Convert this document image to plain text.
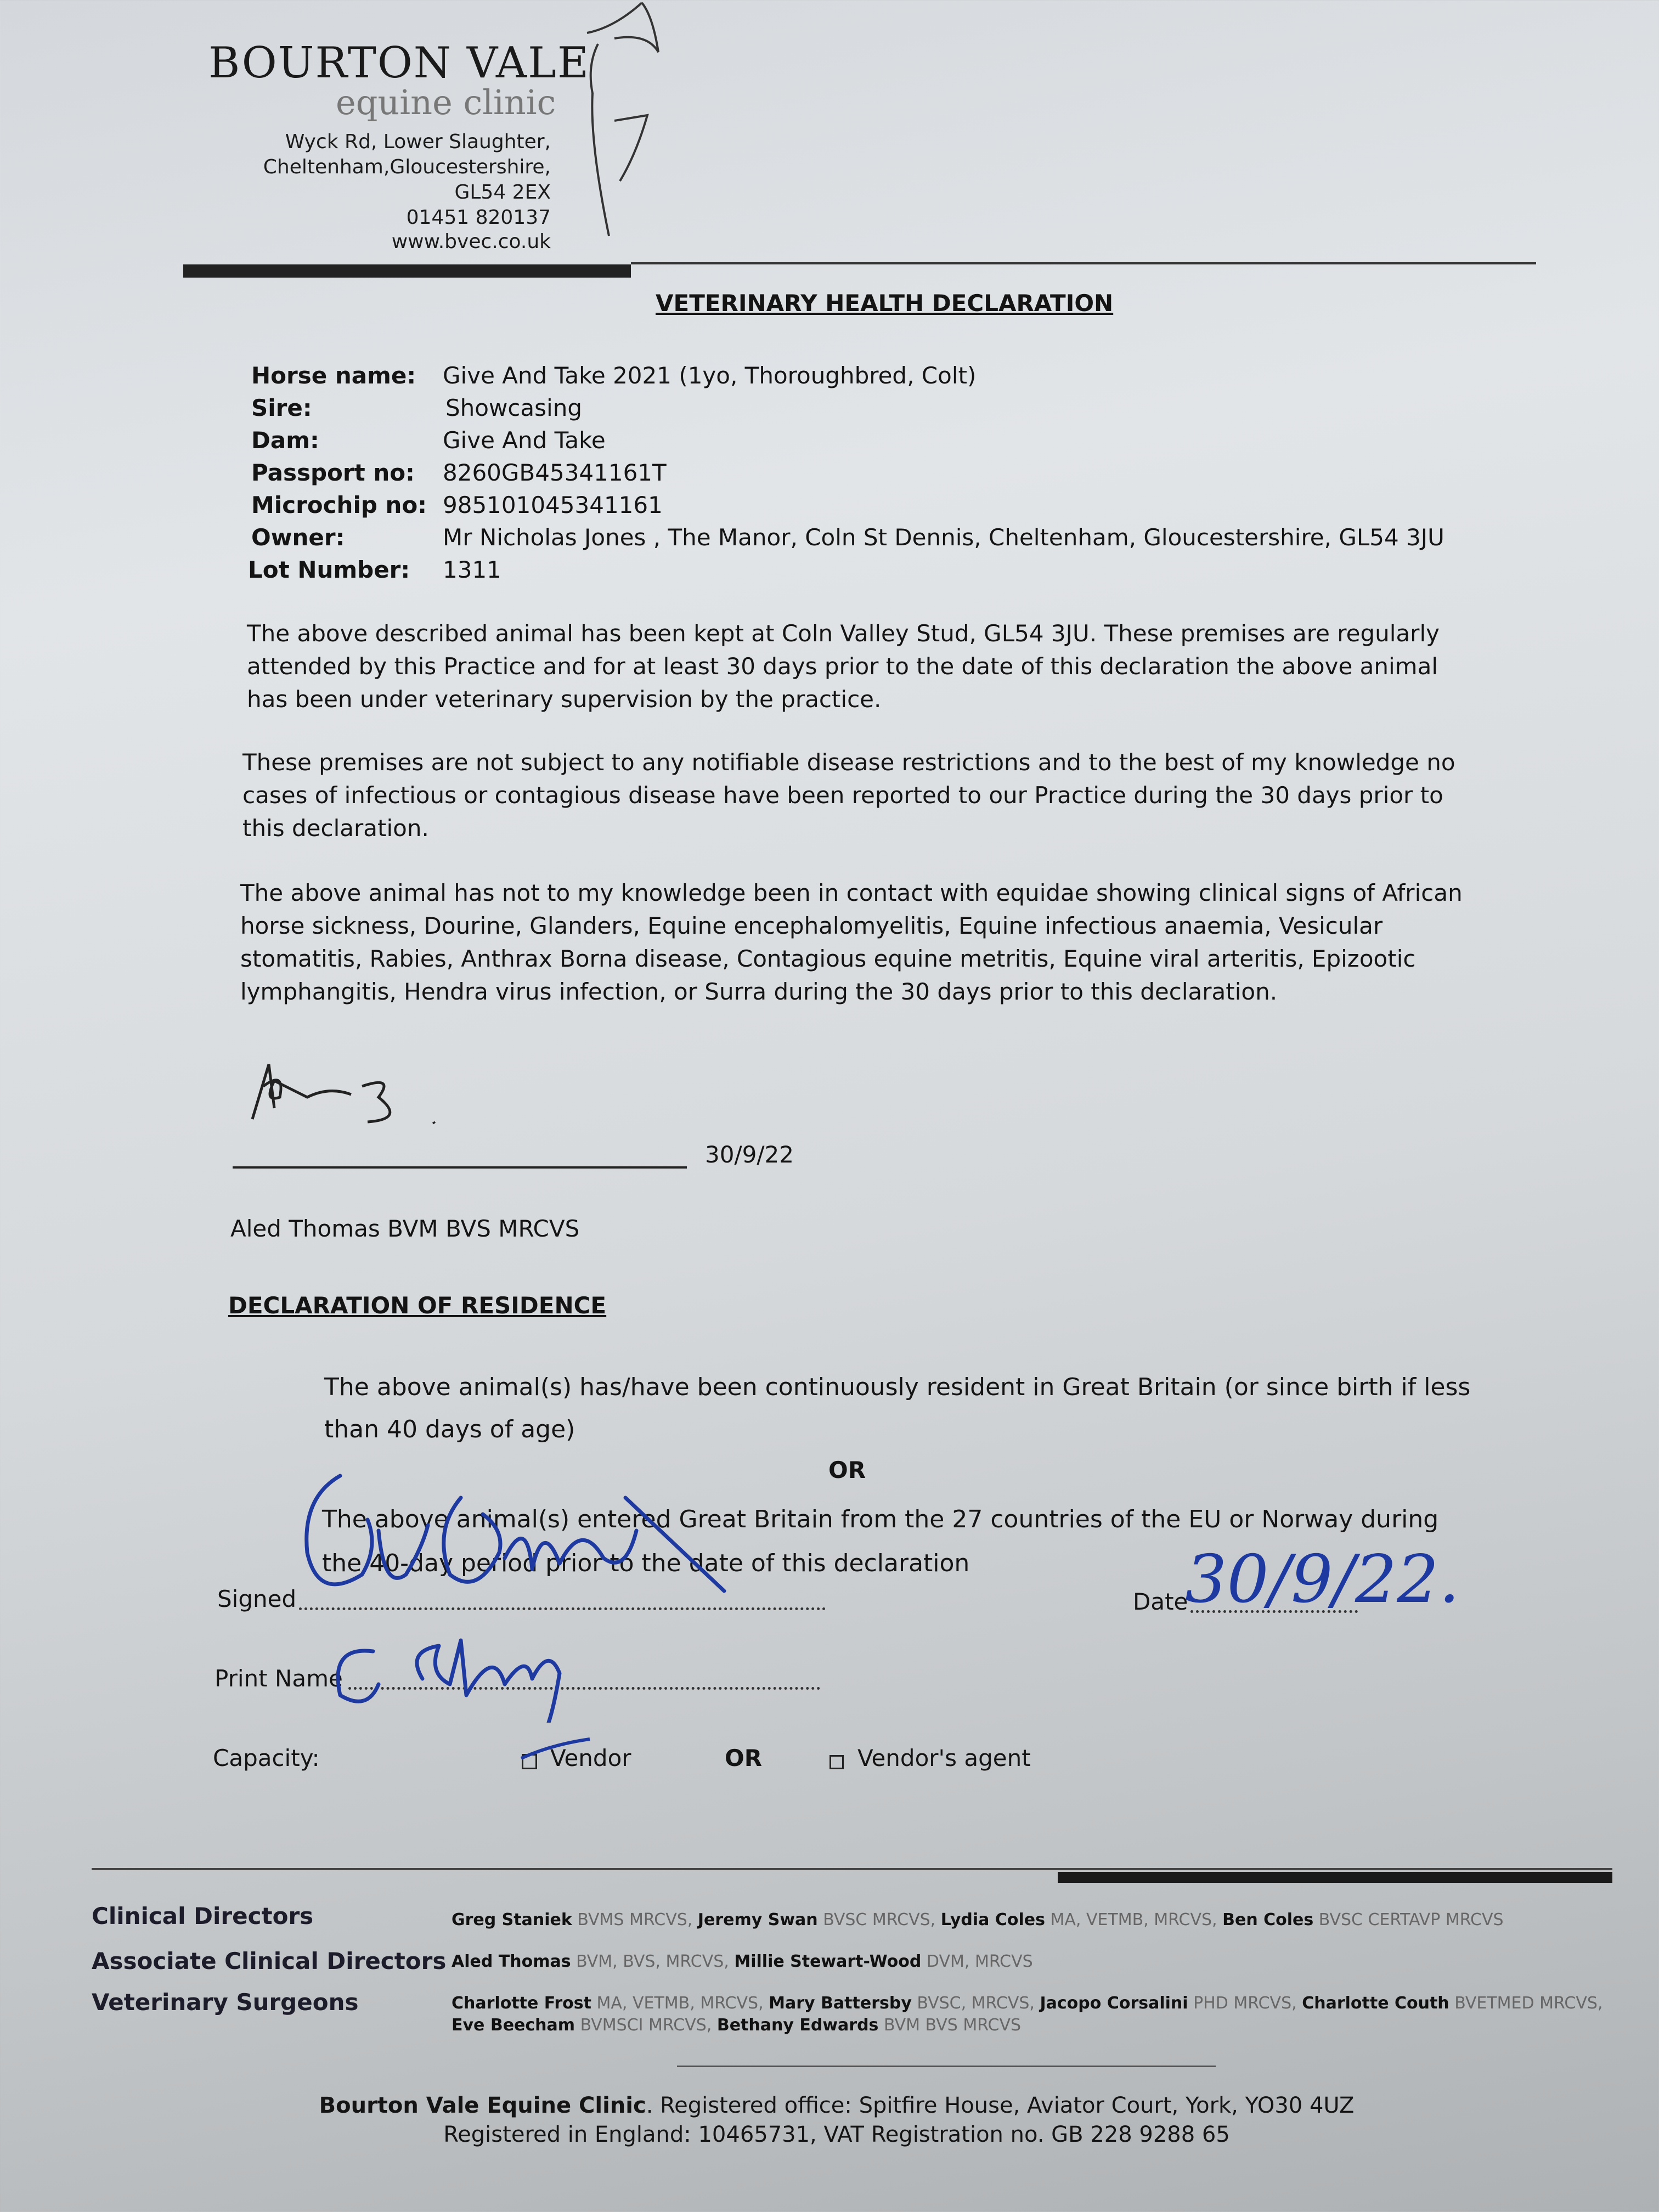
BOURTON VALE
equine clinic
Wyck Rd, Lower Slaughter,
Cheltenham,Gloucestershire,
GL54 2EX
01451 820137
www.bvec.co.uk
VETERINARY HEALTH DECLARATION
Horse name: Give And Take 2021 (1yo, Thoroughbred, Colt)
Sire:	Showcasing
Dam:	Give And Take
Passport no: 8260GB45341161T
Microchip no: 985101045341161
Owner:	Mr Nicholas Jones , The Manor, Coln St Dennis, Cheltenham, Gloucestershire, GL54 3JU
Lot Number: 1311
The above described animal has been kept at Coln Valley Stud, GL54 3JU. These premises are regularly attended by this Practice and for at least 30 days prior to the date of this declaration the above animal has been under veterinary supervision by the practice.
These premises are not subject to any notifiable disease restrictions and to the best of my knowledge no cases of infectious or contagious disease have been reported to our Practice during the 30 days prior to this declaration.
The above animal has not to my knowledge been in contact with equidae showing clinical signs of African horse sickness, Dourine, Glanders, Equine encephalomyelitis, Equine infectious anaemia, Vesicular stomatitis, Rabies, Anthrax Borna disease, Contagious equine metritis, Equine viral arteritis, Epizootic lymphangitis, Hendra virus infection, or Surra during the 30 days prior to this declaration.
30/9/22
Aled Thomas BVM BVS MRCVS
DECLARATION OF RESIDENCE
The above animal(s) has/have been continuously resident in Great Britain (or since birth if less than 40 days of age)
OR
The above animal(s) entered Great Britain from the 27 countries of the EU or Norway during the 40-day period prior to the date of this declaration
Signed	Date
30/9/22.
Print Name
Capacity:	Vendor	OR	Vendor's agent
Clinical Directors	Greg Staniek BVMS MRCVS, Jeremy Swan BVSC MRCVS, Lydia Coles MA, VETMB, MRCVS, Ben Coles BVSC CERTAVP MRCVS
Associate Clinical Directors Aled Thomas BVM, BVS, MRCVS, Millie Stewart-Wood DVM, MRCVS
Veterinary Surgeons	Charlotte Frost MA, VETMB, MRCVS, Mary Battersby BVSC, MRCVS, Jacopo Corsalini PHD MRCVS, Charlotte Couth BVETMED MRCVS, Eve Beecham BVMSCI MRCVS, Bethany Edwards BVM BVS MRCVS
Bourton Vale Equine Clinic. Registered office: Spitfire House, Aviator Court, York, YO30 4UZ
Registered in England: 10465731, VAT Registration no. GB 228 9288 65
